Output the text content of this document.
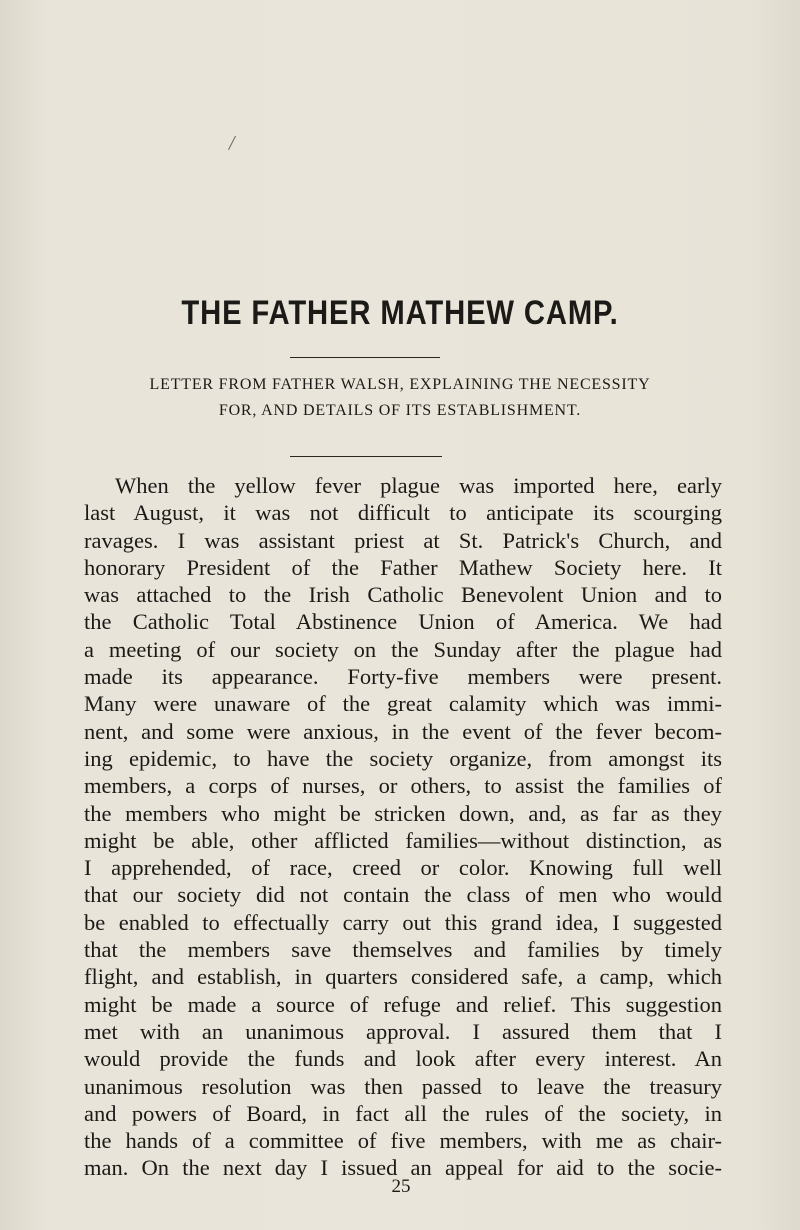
/
THE FATHER MATHEW CAMP.
LETTER FROM FATHER WALSH, EXPLAINING THE NECESSITY
FOR, AND DETAILS OF ITS ESTABLISHMENT.
When the yellow fever plague was imported here, early
last August, it was not difficult to anticipate its scourging
ravages. I was assistant priest at St. Patrick's Church, and
honorary President of the Father Mathew Society here. It
was attached to the Irish Catholic Benevolent Union and to
the Catholic Total Abstinence Union of America. We had
a meeting of our society on the Sunday after the plague had
made its appearance. Forty-five members were present.
Many were unaware of the great calamity which was immi-
nent, and some were anxious, in the event of the fever becom-
ing epidemic, to have the society organize, from amongst its
members, a corps of nurses, or others, to assist the families of
the members who might be stricken down, and, as far as they
might be able, other afflicted families—without distinction, as
I apprehended, of race, creed or color. Knowing full well
that our society did not contain the class of men who would
be enabled to effectually carry out this grand idea, I suggested
that the members save themselves and families by timely
flight, and establish, in quarters considered safe, a camp, which
might be made a source of refuge and relief. This suggestion
met with an unanimous approval. I assured them that I
would provide the funds and look after every interest. An
unanimous resolution was then passed to leave the treasury
and powers of Board, in fact all the rules of the society, in
the hands of a committee of five members, with me as chair-
man. On the next day I issued an appeal for aid to the socie-
25
